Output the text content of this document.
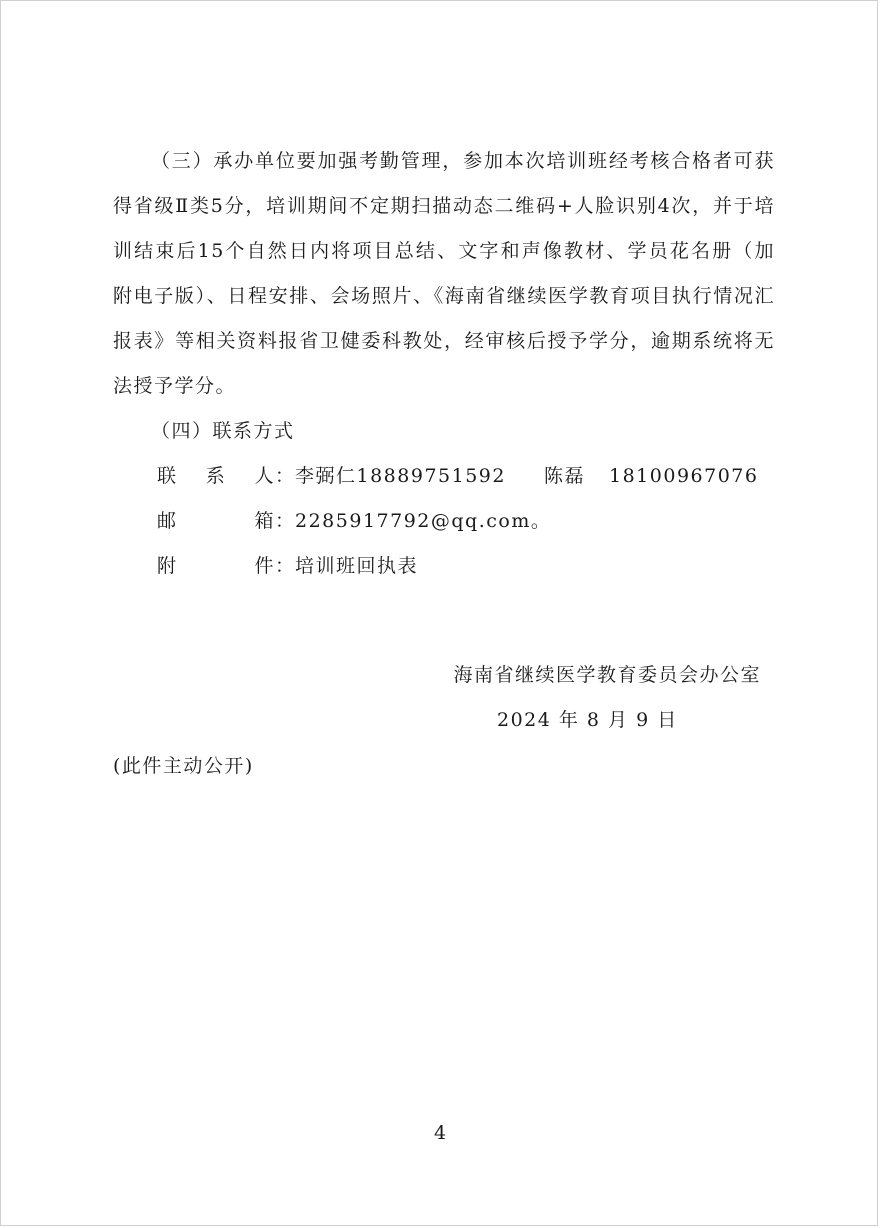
（三）承办单位要加强考勤管理，参加本次培训班经考核合格者可获得省级Ⅱ类5分，培训期间不定期扫描动态二维码+人脸识别4次，并于培训结束后15个自然日内将项目总结、文字和声像教材、学员花名册（加附电子版）、日程安排、会场照片、《海南省继续医学教育项目执行情况汇报表》等相关资料报省卫健委科教处，经审核后授予学分，逾期系统将无法授予学分。

（四）联系方式

联 系 人 ： 李弼仁18889751592 陈磊 18100967076
邮	箱 ： 2285917792@qq.com。
附	件 ： 培训班回执表
海南省继续医学教育委员会办公室
2024 年 8 月 9 日
(此件主动公开)
4
